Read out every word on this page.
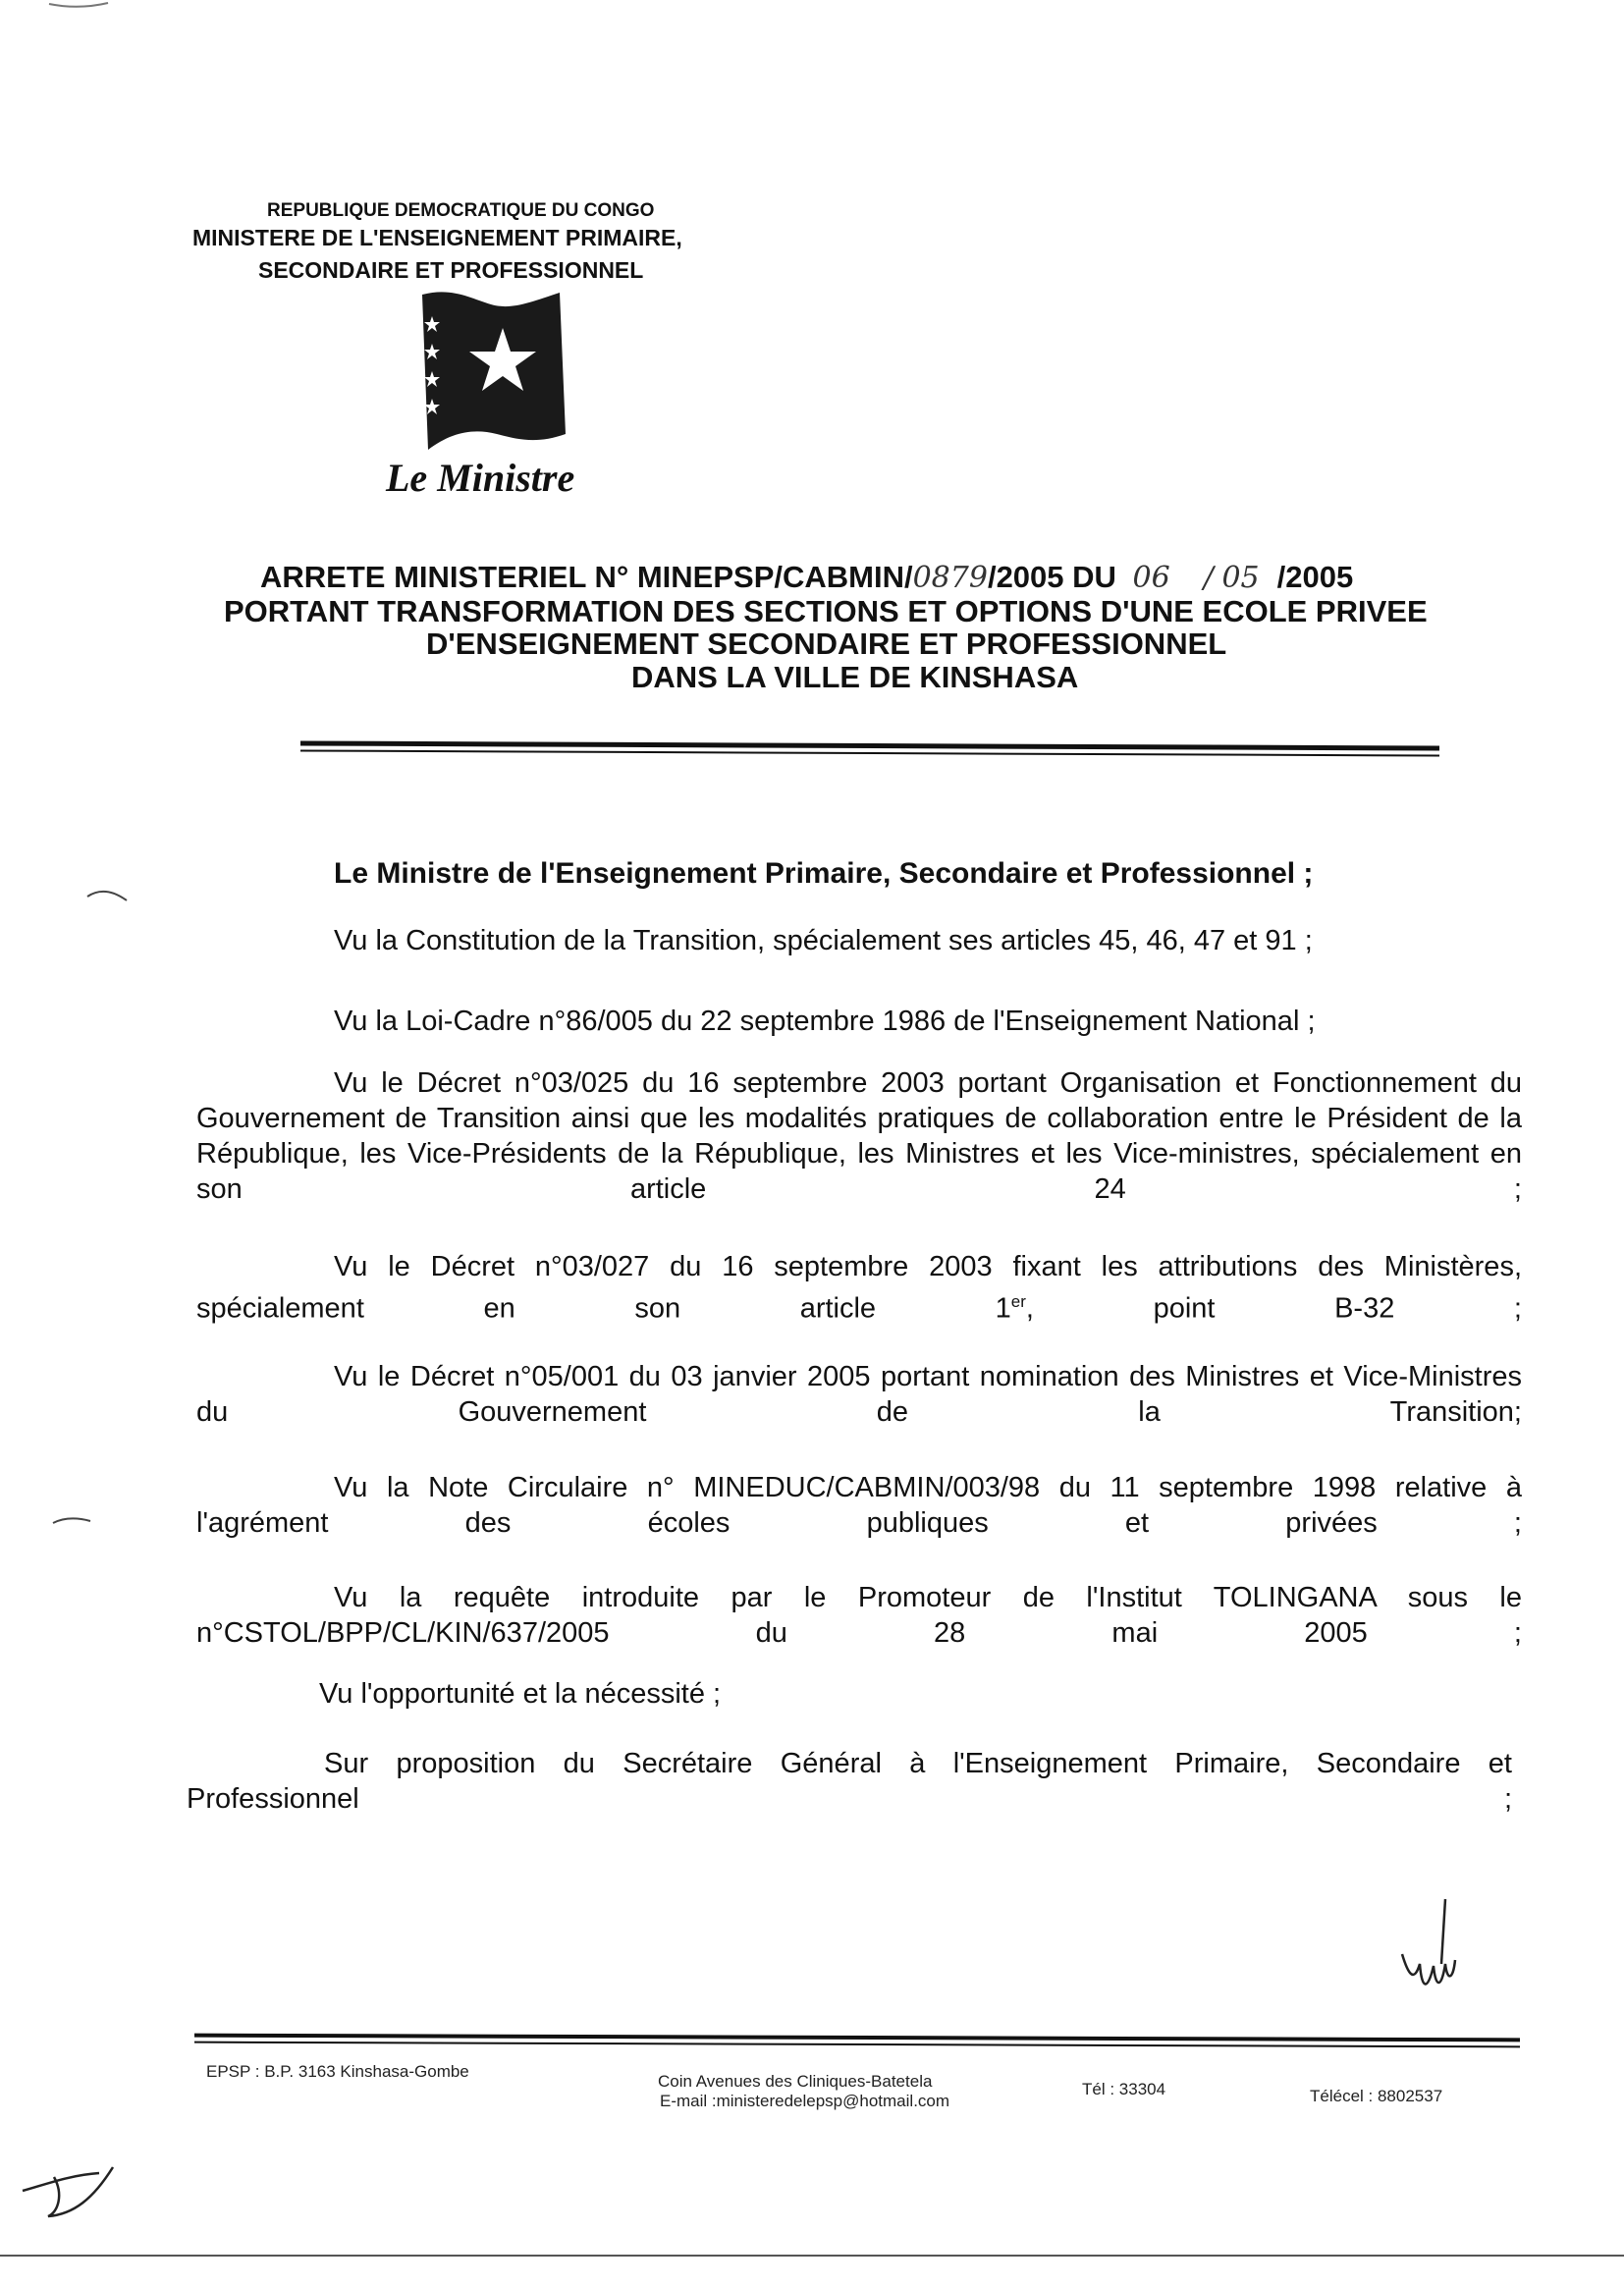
REPUBLIQUE DEMOCRATIQUE DU CONGO
MINISTERE DE L'ENSEIGNEMENT PRIMAIRE,
SECONDAIRE ET PROFESSIONNEL
Le Ministre
ARRETE MINISTERIEL N° MINEPSP/CABMIN/0879/2005 DU 06 / 05 /2005
PORTANT TRANSFORMATION DES SECTIONS ET OPTIONS D'UNE ECOLE PRIVEE
D'ENSEIGNEMENT SECONDAIRE ET PROFESSIONNEL
DANS LA VILLE DE KINSHASA
Le Ministre de l'Enseignement Primaire, Secondaire et Professionnel ;
Vu la Constitution de la Transition, spécialement ses articles 45, 46, 47 et 91 ;
Vu la Loi-Cadre n°86/005 du 22 septembre 1986 de l'Enseignement National ;
Vu le Décret n°03/025 du 16 septembre 2003 portant Organisation et Fonctionnement du Gouvernement de Transition ainsi que les modalités pratiques de collaboration entre le Président de la République, les Vice-Présidents de la République, les Ministres et les Vice-ministres, spécialement en son article 24 ;
Vu le Décret n°03/027 du 16 septembre 2003 fixant les attributions des Ministères, spécialement en son article 1er, point B-32 ;
Vu le Décret n°05/001 du 03 janvier 2005 portant nomination des Ministres et Vice-Ministres du Gouvernement de la Transition;
Vu la Note Circulaire n° MINEDUC/CABMIN/003/98 du 11 septembre 1998 relative à l'agrément des écoles publiques et privées ;
Vu la requête introduite par le Promoteur de l'Institut TOLINGANA sous le n°CSTOL/BPP/CL/KIN/637/2005 du 28 mai 2005 ;
Vu l'opportunité et la nécessité ;
Sur proposition du Secrétaire Général à l'Enseignement Primaire, Secondaire et Professionnel ;
EPSP : B.P. 3163 Kinshasa-Gombe
Coin Avenues des Cliniques-Batetela
E-mail :ministeredelepsp@hotmail.com
Tél : 33304	Télécel : 8802537
